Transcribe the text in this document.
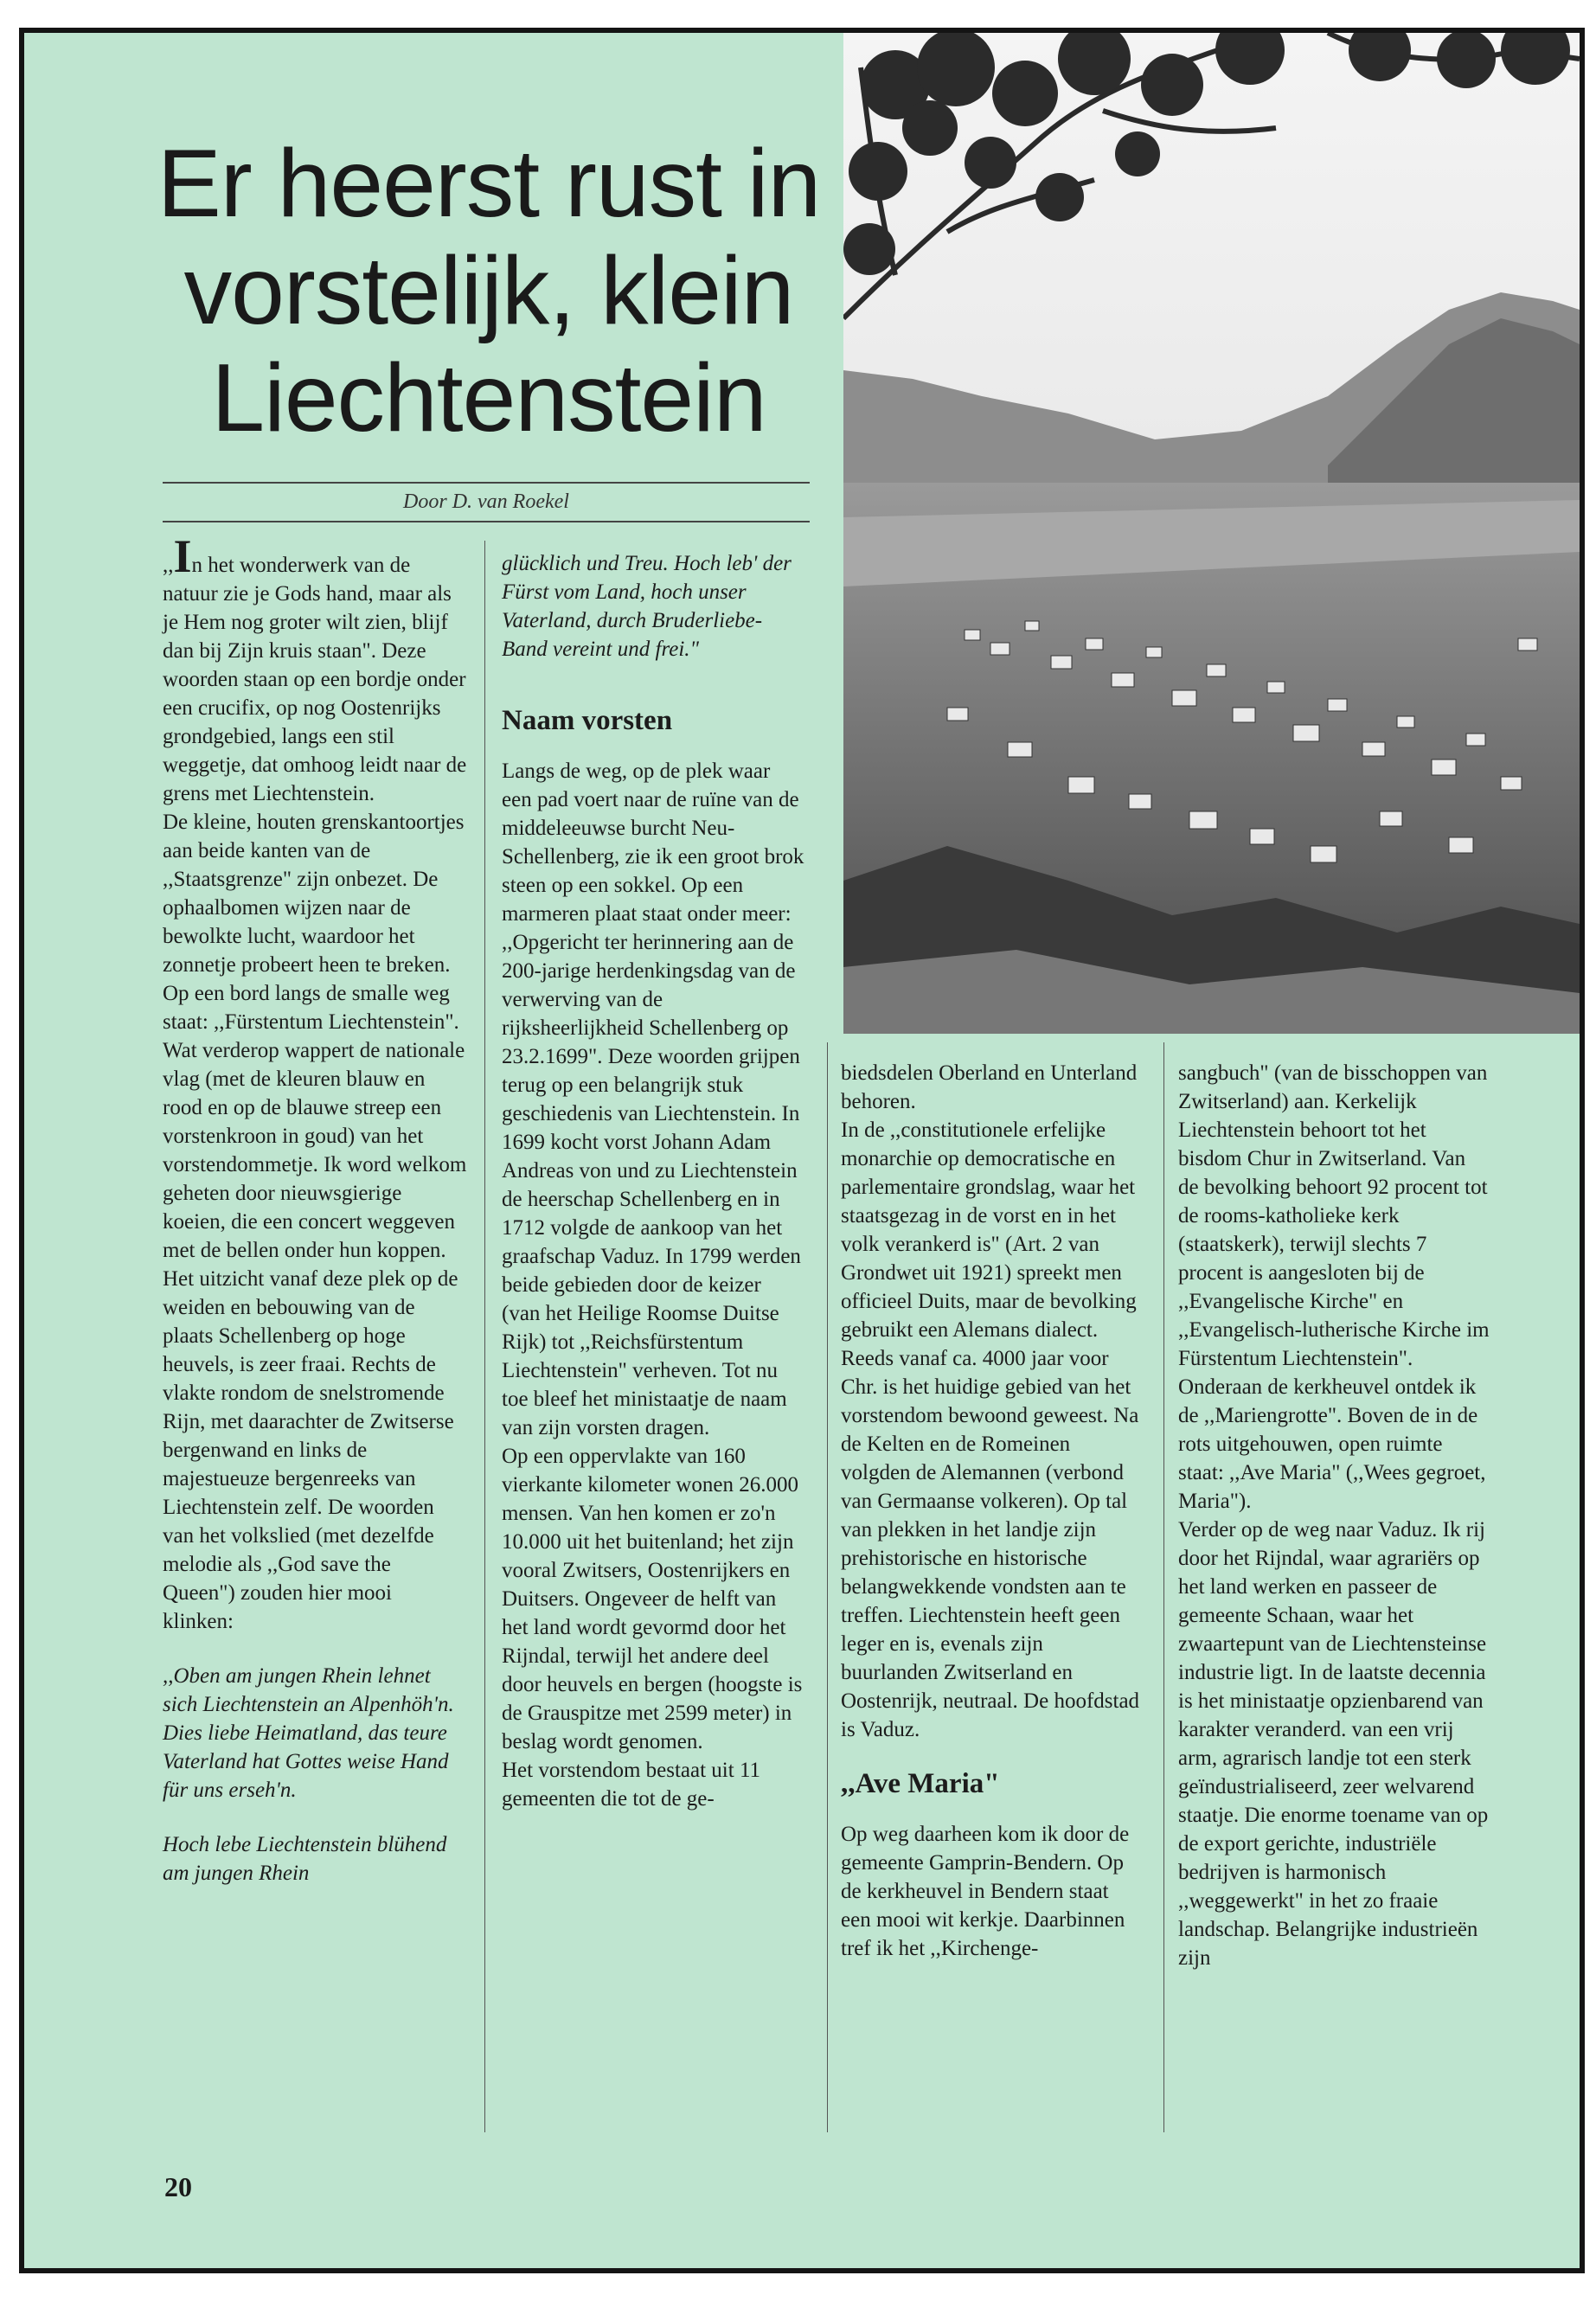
Er heerst rust in vorstelijk, klein Liechtenstein
Door D. van Roekel

,,In het wonderwerk van de natuur zie je Gods hand, maar als je Hem nog groter wilt zien, blijf dan bij Zijn kruis staan". Deze woorden staan op een bordje onder een crucifix, op nog Oostenrijks grondgebied, langs een stil weggetje, dat omhoog leidt naar de grens met Liechtenstein.

De kleine, houten grenskantoortjes aan beide kanten van de ,,Staatsgrenze" zijn onbezet. De ophaalbomen wijzen naar de bewolkte lucht, waardoor het zonnetje probeert heen te breken. Op een bord langs de smalle weg staat: ,,Fürstentum Liechtenstein". Wat verderop wappert de nationale vlag (met de kleuren blauw en rood en op de blauwe streep een vorstenkroon in goud) van het vorstendommetje. Ik word welkom geheten door nieuwsgierige koeien, die een concert weggeven met de bellen onder hun koppen. Het uitzicht vanaf deze plek op de weiden en bebouwing van de plaats Schellenberg op hoge heuvels, is zeer fraai. Rechts de vlakte rondom de snelstromende Rijn, met daarachter de Zwitserse bergenwand en links de majestueuze bergenreeks van Liechtenstein zelf. De woorden van het volkslied (met dezelfde melodie als ,,God save the Queen") zouden hier mooi klinken:

,,Oben am jungen Rhein lehnet sich Liechtenstein an Alpenhöh'n. Dies liebe Heimatland, das teure Vaterland hat Gottes weise Hand für uns erseh'n.

Hoch lebe Liechtenstein blühend am jungen Rhein

glücklich und Treu. Hoch leb' der Fürst vom Land, hoch unser Vaterland, durch Bruderliebe-Band vereint und frei."

Naam vorsten

Langs de weg, op de plek waar een pad voert naar de ruïne van de middeleeuwse burcht Neu-Schellenberg, zie ik een groot brok steen op een sokkel. Op een marmeren plaat staat onder meer: ,,Opgericht ter herinnering aan de 200-jarige herdenkingsdag van de verwerving van de rijksheerlijkheid Schellenberg op 23.2.1699". Deze woorden grijpen terug op een belangrijk stuk geschiedenis van Liechtenstein. In 1699 kocht vorst Johann Adam Andreas von und zu Liechtenstein de heerschap Schellenberg en in 1712 volgde de aankoop van het graafschap Vaduz. In 1799 werden beide gebieden door de keizer (van het Heilige Roomse Duitse Rijk) tot ,,Reichsfürstentum Liechtenstein" verheven. Tot nu toe bleef het ministaatje de naam van zijn vorsten dragen.

Op een oppervlakte van 160 vierkante kilometer wonen 26.000 mensen. Van hen komen er zo'n 10.000 uit het buitenland; het zijn vooral Zwitsers, Oostenrijkers en Duitsers. Ongeveer de helft van het land wordt gevormd door het Rijndal, terwijl het andere deel door heuvels en bergen (hoogste is de Grauspitze met 2599 meter) in beslag wordt genomen.

Het vorstendom bestaat uit 11 gemeenten die tot de ge-

biedsdelen Oberland en Unterland behoren.

In de ,,constitutionele erfelijke monarchie op democratische en parlementaire grondslag, waar het staatsgezag in de vorst en in het volk verankerd is" (Art. 2 van Grondwet uit 1921) spreekt men officieel Duits, maar de bevolking gebruikt een Alemans dialect.

Reeds vanaf ca. 4000 jaar voor Chr. is het huidige gebied van het vorstendom bewoond geweest. Na de Kelten en de Romeinen volgden de Alemannen (verbond van Germaanse volkeren). Op tal van plekken in het landje zijn prehistorische en historische belangwekkende vondsten aan te treffen. Liechtenstein heeft geen leger en is, evenals zijn buurlanden Zwitserland en Oostenrijk, neutraal. De hoofdstad is Vaduz.

,,Ave Maria"

Op weg daarheen kom ik door de gemeente Gamprin-Bendern. Op de kerkheuvel in Bendern staat een mooi wit kerkje. Daarbinnen tref ik het ,,Kirchenge-

sangbuch" (van de bisschoppen van Zwitserland) aan. Kerkelijk Liechtenstein behoort tot het bisdom Chur in Zwitserland. Van de bevolking behoort 92 procent tot de rooms-katholieke kerk (staatskerk), terwijl slechts 7 procent is aangesloten bij de ,,Evangelische Kirche" en ,,Evangelisch-lutherische Kirche im Fürstentum Liechtenstein". Onderaan de kerkheuvel ontdek ik de ,,Mariengrotte". Boven de in de rots uitgehouwen, open ruimte staat: ,,Ave Maria" (,,Wees gegroet, Maria").

Verder op de weg naar Vaduz. Ik rij door het Rijndal, waar agrariërs op het land werken en passeer de gemeente Schaan, waar het zwaartepunt van de Liechtensteinse industrie ligt. In de laatste decennia is het ministaatje opzienbarend van karakter veranderd. van een vrij arm, agrarisch landje tot een sterk geïndustrialiseerd, zeer welvarend staatje. Die enorme toename van op de export gerichte, industriële bedrijven is harmonisch ,,weggewerkt" in het zo fraaie landschap. Belangrijke industrieën zijn

20
